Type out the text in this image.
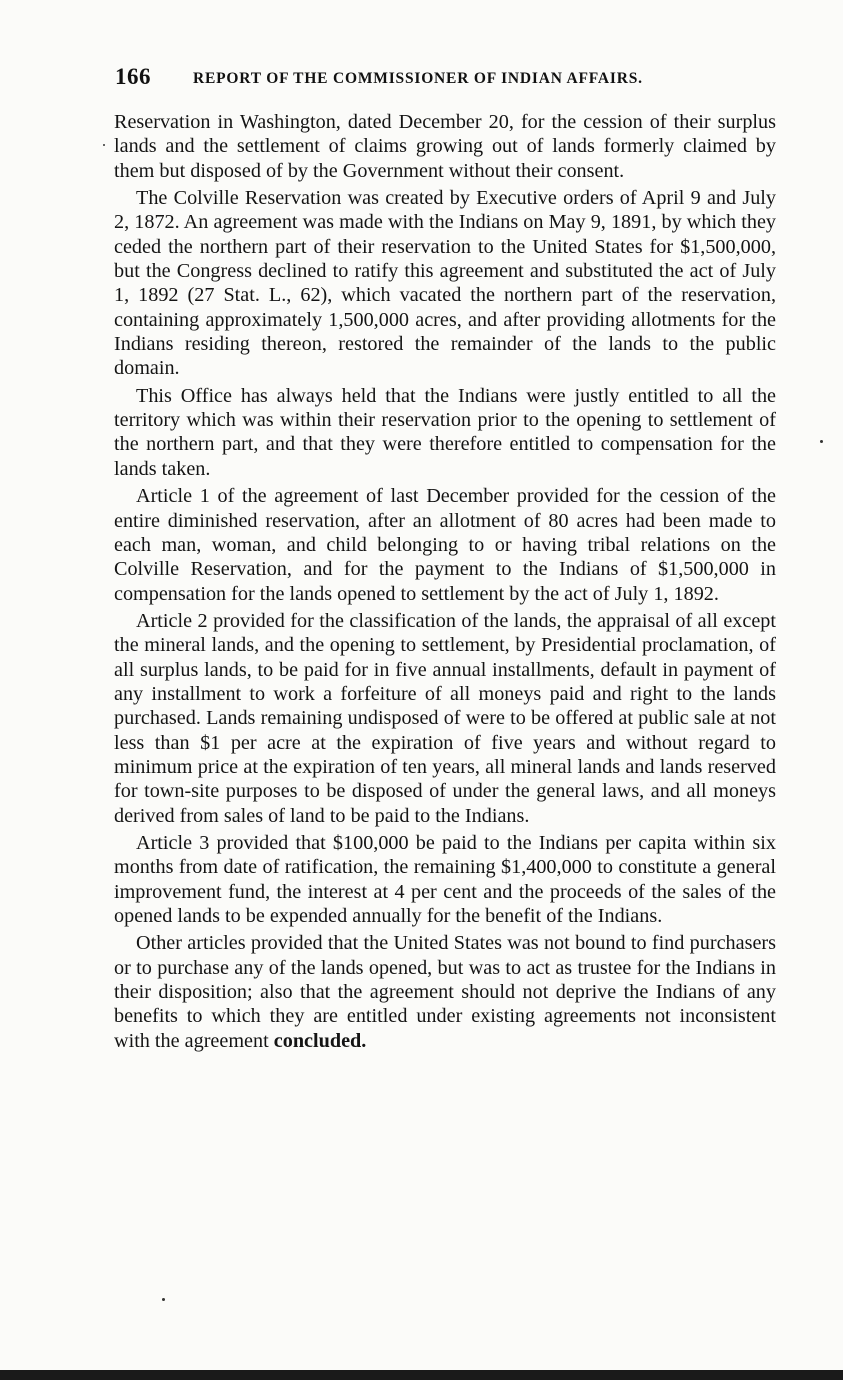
166	REPORT OF THE COMMISSIONER OF INDIAN AFFAIRS.

Reservation in Washington, dated December 20, for the cession of their surplus lands and the settlement of claims growing out of lands formerly claimed by them but disposed of by the Government without their consent.

The Colville Reservation was created by Executive orders of April 9 and July 2, 1872. An agreement was made with the Indians on May 9, 1891, by which they ceded the northern part of their reservation to the United States for $1,500,000, but the Congress declined to ratify this agreement and substituted the act of July 1, 1892 (27 Stat. L., 62), which vacated the northern part of the reservation, containing approximately 1,500,000 acres, and after providing allotments for the Indians residing thereon, restored the remainder of the lands to the public domain.

This Office has always held that the Indians were justly entitled to all the territory which was within their reservation prior to the opening to settlement of the northern part, and that they were therefore entitled to compensation for the lands taken.

Article 1 of the agreement of last December provided for the cession of the entire diminished reservation, after an allotment of 80 acres had been made to each man, woman, and child belonging to or having tribal relations on the Colville Reservation, and for the payment to the Indians of $1,500,000 in compensation for the lands opened to settlement by the act of July 1, 1892.

Article 2 provided for the classification of the lands, the appraisal of all except the mineral lands, and the opening to settlement, by Presidential proclamation, of all surplus lands, to be paid for in five annual installments, default in payment of any installment to work a forfeiture of all moneys paid and right to the lands purchased. Lands remaining undisposed of were to be offered at public sale at not less than $1 per acre at the expiration of five years and without regard to minimum price at the expiration of ten years, all mineral lands and lands reserved for town-site purposes to be disposed of under the general laws, and all moneys derived from sales of land to be paid to the Indians.

Article 3 provided that $100,000 be paid to the Indians per capita within six months from date of ratification, the remaining $1,400,000 to constitute a general improvement fund, the interest at 4 per cent and the proceeds of the sales of the opened lands to be expended annually for the benefit of the Indians.

Other articles provided that the United States was not bound to find purchasers or to purchase any of the lands opened, but was to act as trustee for the Indians in their disposition; also that the agreement should not deprive the Indians of any benefits to which they are entitled under existing agreements not inconsistent with the agreement concluded.
